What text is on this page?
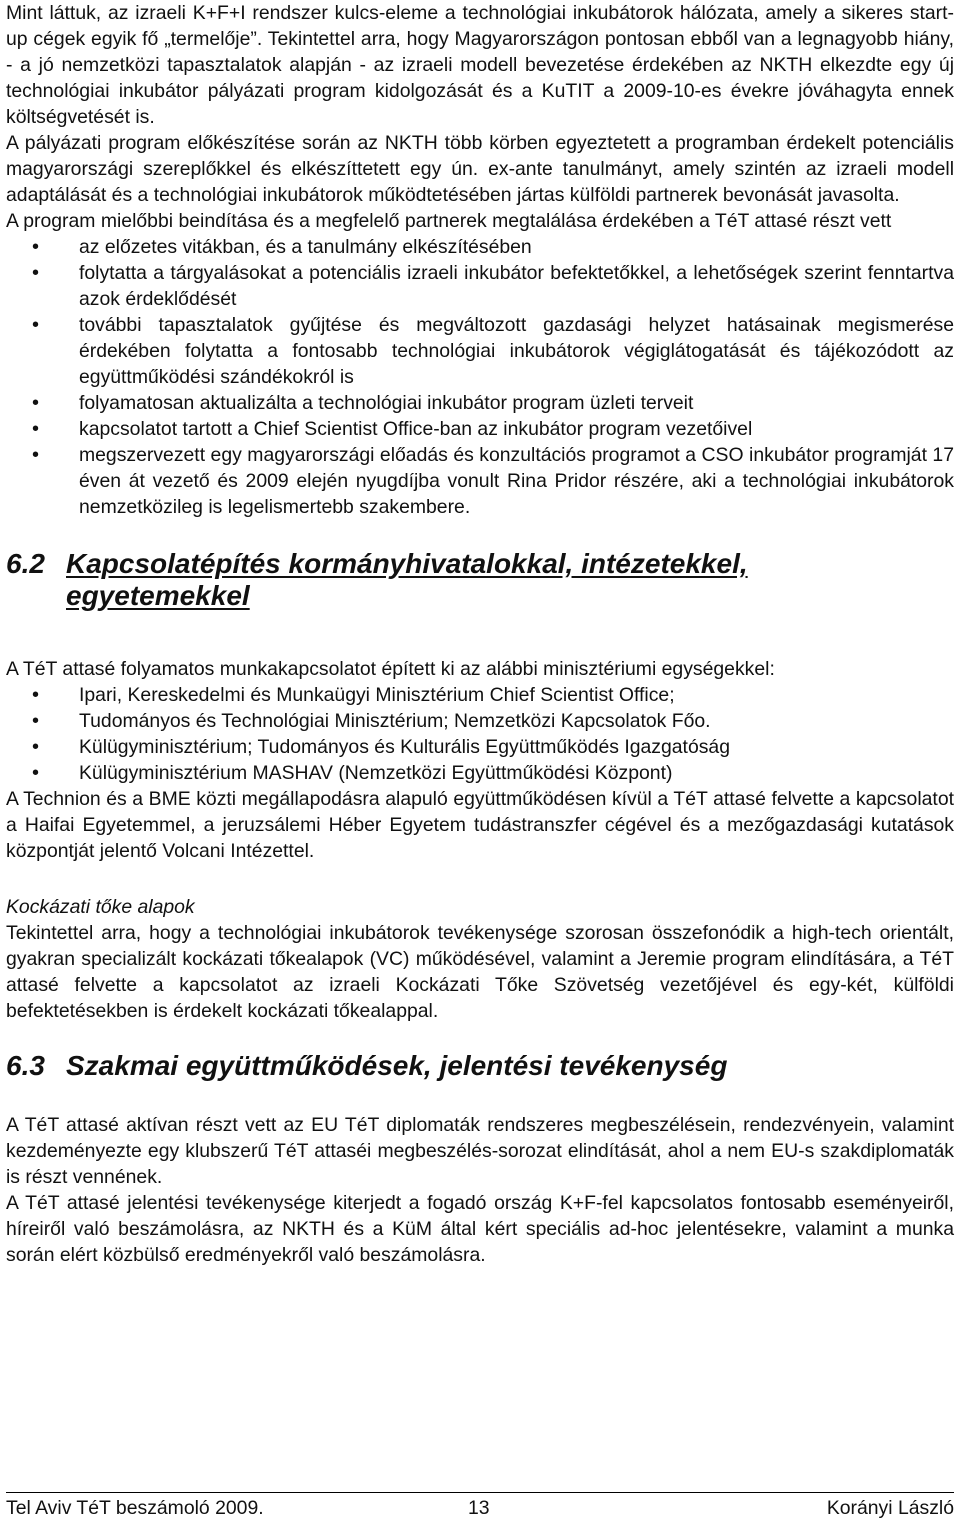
Mint láttuk, az izraeli K+F+I rendszer kulcs-eleme a technológiai inkubátorok hálózata, amely a sikeres start-up cégek egyik fő „termelője”. Tekintettel arra, hogy Magyarországon pontosan ebből van a legnagyobb hiány, - a jó nemzetközi tapasztalatok alapján - az izraeli modell bevezetése érdekében az NKTH elkezdte egy új technológiai inkubátor pályázati program kidolgozását és a KuTIT a 2009-10-es évekre jóváhagyta ennek költségvetését is.

A pályázati program előkészítése során az NKTH több körben egyeztetett a programban érdekelt potenciális magyarországi szereplőkkel és elkészíttetett egy ún. ex-ante tanulmányt, amely szintén az izraeli modell adaptálását és a technológiai inkubátorok működtetésében jártas külföldi partnerek bevonását javasolta.

A program mielőbbi beindítása és a megfelelő partnerek megtalálása érdekében a TéT attasé részt vett

• az előzetes vitákban, és a tanulmány elkészítésében
• folytatta a tárgyalásokat a potenciális izraeli inkubátor befektetőkkel, a lehetőségek szerint fenntartva azok érdeklődését
• további tapasztalatok gyűjtése és megváltozott gazdasági helyzet hatásainak megismerése érdekében folytatta a fontosabb technológiai inkubátorok végiglátogatását és tájékozódott az együttműködési szándékokról is
• folyamatosan aktualizálta a technológiai inkubátor program üzleti terveit
• kapcsolatot tartott a Chief Scientist Office-ban az inkubátor program vezetőivel
• megszervezett egy magyarországi előadás és konzultációs programot a CSO inkubátor programját 17 éven át vezető és 2009 elején nyugdíjba vonult Rina Pridor részére, aki a technológiai inkubátorok nemzetközileg is legelismertebb szakembere.
6.2 Kapcsolatépítés kormányhivatalokkal, intézetekkel, egyetemekkel

A TéT attasé folyamatos munkakapcsolatot épített ki az alábbi minisztériumi egységekkel:

• Ipari, Kereskedelmi és Munkaügyi Minisztérium Chief Scientist Office;
• Tudományos és Technológiai Minisztérium; Nemzetközi Kapcsolatok Főo.
• Külügyminisztérium; Tudományos és Kulturális Együttműködés Igazgatóság
• Külügyminisztérium MASHAV (Nemzetközi Együttműködési Központ)

A Technion és a BME közti megállapodásra alapuló együttműködésen kívül a TéT attasé felvette a kapcsolatot a Haifai Egyetemmel, a jeruzsálemi Héber Egyetem tudástranszfer cégével és a mezőgazdasági kutatások központját jelentő Volcani Intézettel.

Kockázati tőke alapok

Tekintettel arra, hogy a technológiai inkubátorok tevékenysége szorosan összefonódik a high-tech orientált, gyakran specializált kockázati tőkealapok (VC) működésével, valamint a Jeremie program elindítására, a TéT attasé felvette a kapcsolatot az izraeli Kockázati Tőke Szövetség vezetőjével és egy-két, külföldi befektetésekben is érdekelt kockázati tőkealappal.

6.3 Szakmai együttműködések, jelentési tevékenység

A TéT attasé aktívan részt vett az EU TéT diplomaták rendszeres megbeszélésein, rendezvényein, valamint kezdeményezte egy klubszerű TéT attaséi megbeszélés-sorozat elindítását, ahol a nem EU-s szakdiplomaták is részt vennének.

A TéT attasé jelentési tevékenysége kiterjedt a fogadó ország K+F-fel kapcsolatos fontosabb eseményeiről, híreiről való beszámolásra, az NKTH és a KüM által kért speciális ad-hoc jelentésekre, valamint a munka során elért közbülső eredményekről való beszámolásra.

Tel Aviv TéT beszámoló 2009.	13	Korányi László
